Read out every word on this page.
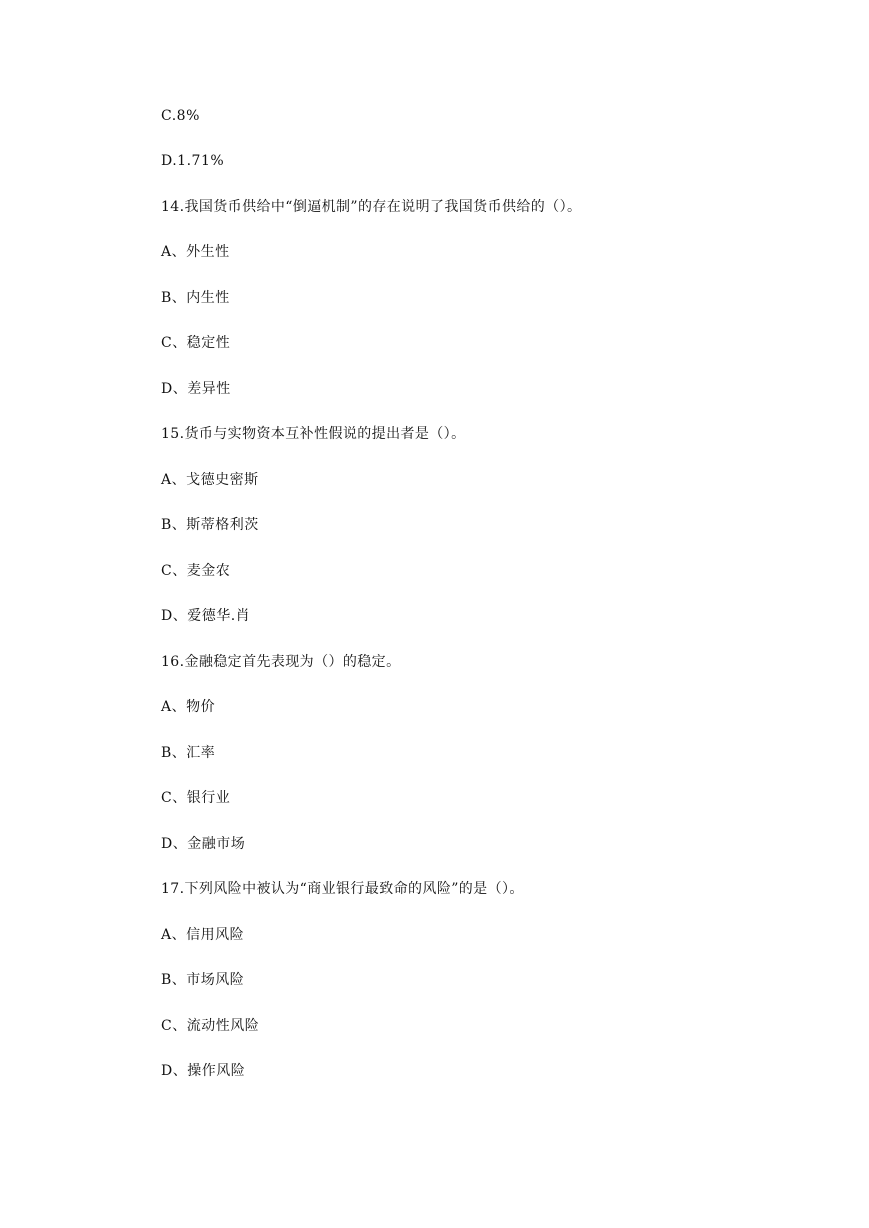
C.8%
D.1.71%
14.我国货币供给中“倒逼机制”的存在说明了我国货币供给的（）。
A、外生性
B、内生性
C、稳定性
D、差异性
15.货币与实物资本互补性假说的提出者是（）。
A、戈德史密斯
B、斯蒂格利茨
C、麦金农
D、爱德华.肖
16.金融稳定首先表现为（）的稳定。
A、物价
B、汇率
C、银行业
D、金融市场
17.下列风险中被认为“商业银行最致命的风险”的是（）。
A、信用风险
B、市场风险
C、流动性风险
D、操作风险
